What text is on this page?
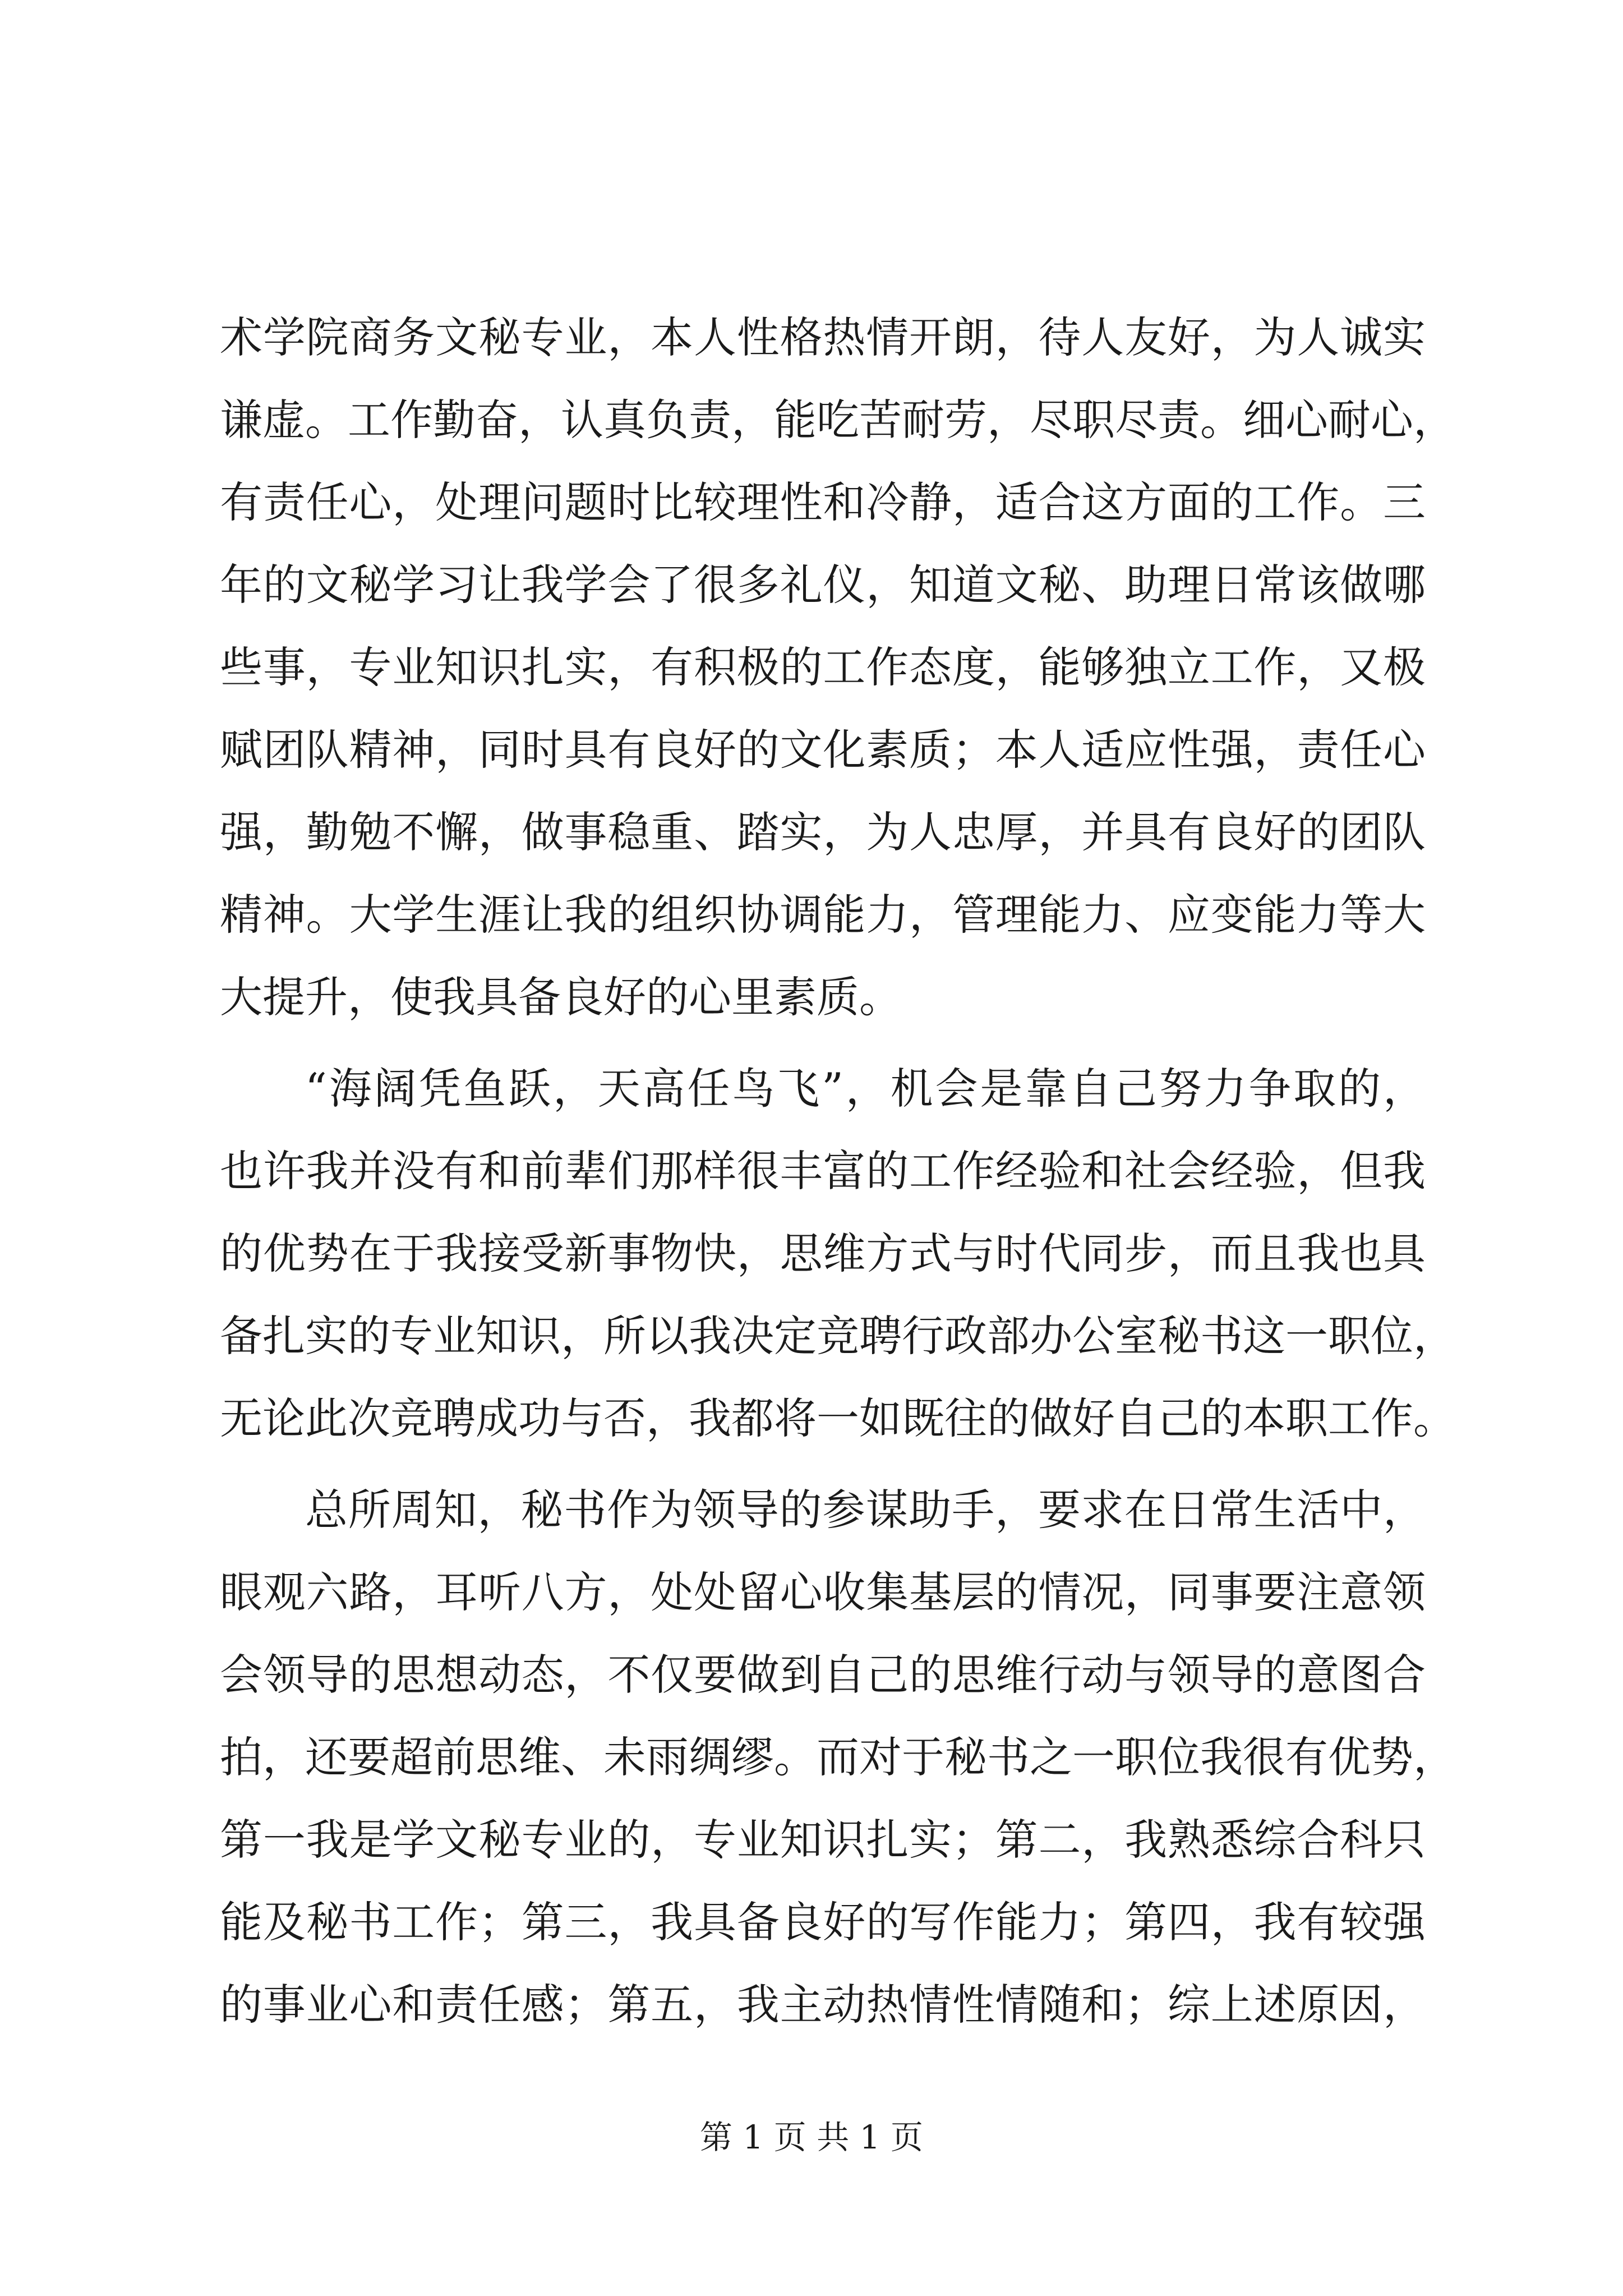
术学院商务文秘专业，本人性格热情开朗，待人友好，为人诚实
谦虚。工作勤奋，认真负责，能吃苦耐劳，尽职尽责。细心耐心，
有责任心，处理问题时比较理性和冷静，适合这方面的工作。三
年的文秘学习让我学会了很多礼仪，知道文秘、助理日常该做哪
些事，专业知识扎实，有积极的工作态度，能够独立工作，又极
赋团队精神，同时具有良好的文化素质；本人适应性强，责任心
强，勤勉不懈，做事稳重、踏实，为人忠厚，并具有良好的团队
精神。大学生涯让我的组织协调能力，管理能力、应变能力等大
大提升，使我具备良好的心里素质。
“海阔凭鱼跃，天高任鸟飞”，机会是靠自己努力争取的，
也许我并没有和前辈们那样很丰富的工作经验和社会经验，但我
的优势在于我接受新事物快，思维方式与时代同步，而且我也具
备扎实的专业知识，所以我决定竞聘行政部办公室秘书这一职位，
无论此次竞聘成功与否，我都将一如既往的做好自己的本职工作。
总所周知，秘书作为领导的参谋助手，要求在日常生活中，
眼观六路，耳听八方，处处留心收集基层的情况，同事要注意领
会领导的思想动态，不仅要做到自己的思维行动与领导的意图合
拍，还要超前思维、未雨绸缪。而对于秘书之一职位我很有优势，
第一我是学文秘专业的，专业知识扎实；第二，我熟悉综合科只
能及秘书工作；第三，我具备良好的写作能力；第四，我有较强
的事业心和责任感；第五，我主动热情性情随和；综上述原因，
第 1 页 共 1 页
